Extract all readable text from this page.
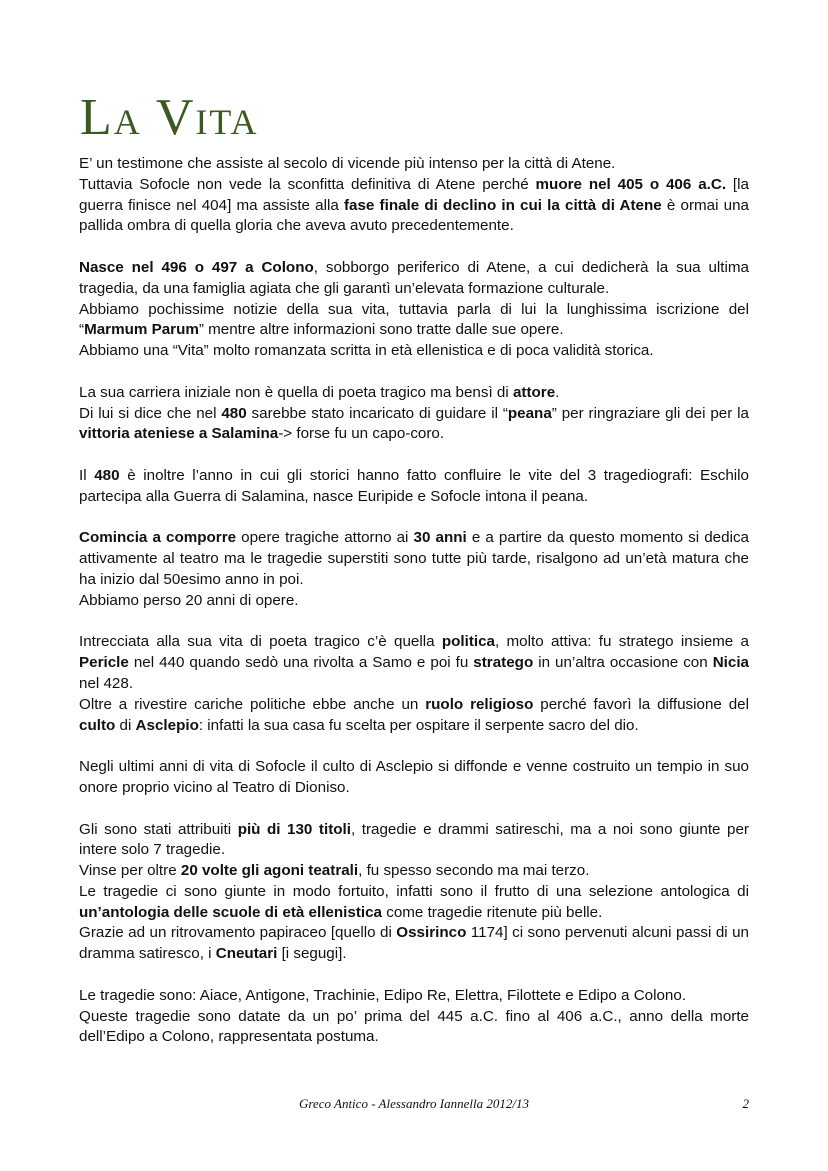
La Vita

E’ un testimone che assiste al secolo di vicende più intenso per la città di Atene.
Tuttavia Sofocle non vede la sconfitta definitiva di Atene perché muore nel 405 o 406 a.C. [la guerra finisce nel 404] ma assiste alla fase finale di declino in cui la città di Atene è ormai una pallida ombra di quella gloria che aveva avuto precedentemente.

Nasce nel 496 o 497 a Colono, sobborgo periferico di Atene, a cui dedicherà la sua ultima tragedia, da una famiglia agiata che gli garantì un’elevata formazione culturale.
Abbiamo pochissime notizie della sua vita, tuttavia parla di lui la lunghissima iscrizione del “Marmum Parum” mentre altre informazioni sono tratte dalle sue opere.
Abbiamo una “Vita” molto romanzata scritta in età ellenistica e di poca validità storica.

La sua carriera iniziale non è quella di poeta tragico ma bensì di attore.
Di lui si dice che nel 480 sarebbe stato incaricato di guidare il “peana” per ringraziare gli dei per la vittoria ateniese a Salamina-> forse fu un capo-coro.

Il 480 è inoltre l’anno in cui gli storici hanno fatto confluire le vite del 3 tragediografi: Eschilo partecipa alla Guerra di Salamina, nasce Euripide e Sofocle intona il peana.

Comincia a comporre opere tragiche attorno ai 30 anni e a partire da questo momento si dedica attivamente al teatro ma le tragedie superstiti sono tutte più tarde, risalgono ad un’età matura che ha inizio dal 50esimo anno in poi.
Abbiamo perso 20 anni di opere.

Intrecciata alla sua vita di poeta tragico c’è quella politica, molto attiva: fu stratego insieme a Pericle nel 440 quando sedò una rivolta a Samo e poi fu stratego in un’altra occasione con Nicia nel 428.
Oltre a rivestire cariche politiche ebbe anche un ruolo religioso perché favorì la diffusione del culto di Asclepio: infatti la sua casa fu scelta per ospitare il serpente sacro del dio.

Negli ultimi anni di vita di Sofocle il culto di Asclepio si diffonde e venne costruito un tempio in suo onore proprio vicino al Teatro di Dioniso.

Gli sono stati attribuiti più di 130 titoli, tragedie e drammi satireschi, ma a noi sono giunte per intere solo 7 tragedie.
Vinse per oltre 20 volte gli agoni teatrali, fu spesso secondo ma mai terzo.
Le tragedie ci sono giunte in modo fortuito, infatti sono il frutto di una selezione antologica di un’antologia delle scuole di età ellenistica come tragedie ritenute più belle.
Grazie ad un ritrovamento papiraceo [quello di Ossirinco 1174] ci sono pervenuti alcuni passi di un dramma satiresco, i Cneutari [i segugi].

Le tragedie sono: Aiace, Antigone, Trachinie, Edipo Re, Elettra, Filottete e Edipo a Colono.
Queste tragedie sono datate da un po’ prima del 445 a.C. fino al 406 a.C., anno della morte dell’Edipo a Colono, rappresentata postuma.

Greco Antico - Alessandro Iannella 2012/13	2
